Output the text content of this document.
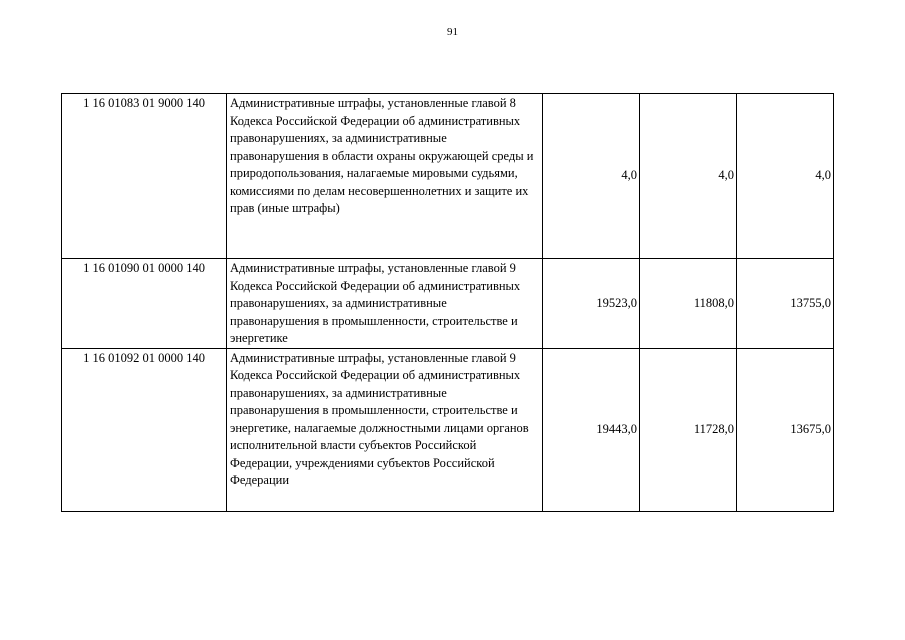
91
1 16 01083 01 9000 140	Административные штрафы, установленные главой 8 Кодекса Российской Федерации об административных правонарушениях, за административные правонарушения в области охраны окружающей среды и природопользования, налагаемые мировыми судьями, комиссиями по делам несовершеннолетних и защите их прав (иные штрафы)	4,0	4,0	4,0
1 16 01090 01 0000 140	Административные штрафы, установленные главой 9 Кодекса Российской Федерации об административных правонарушениях, за административные правонарушения в промышленности, строительстве и энергетике	19523,0	11808,0	13755,0
1 16 01092 01 0000 140	Административные штрафы, установленные главой 9 Кодекса Российской Федерации об административных правонарушениях, за административные правонарушения в промышленности, строительстве и энергетике, налагаемые должностными лицами органов исполнительной власти субъектов Российской Федерации, учреждениями субъектов Российской Федерации	19443,0	11728,0	13675,0
